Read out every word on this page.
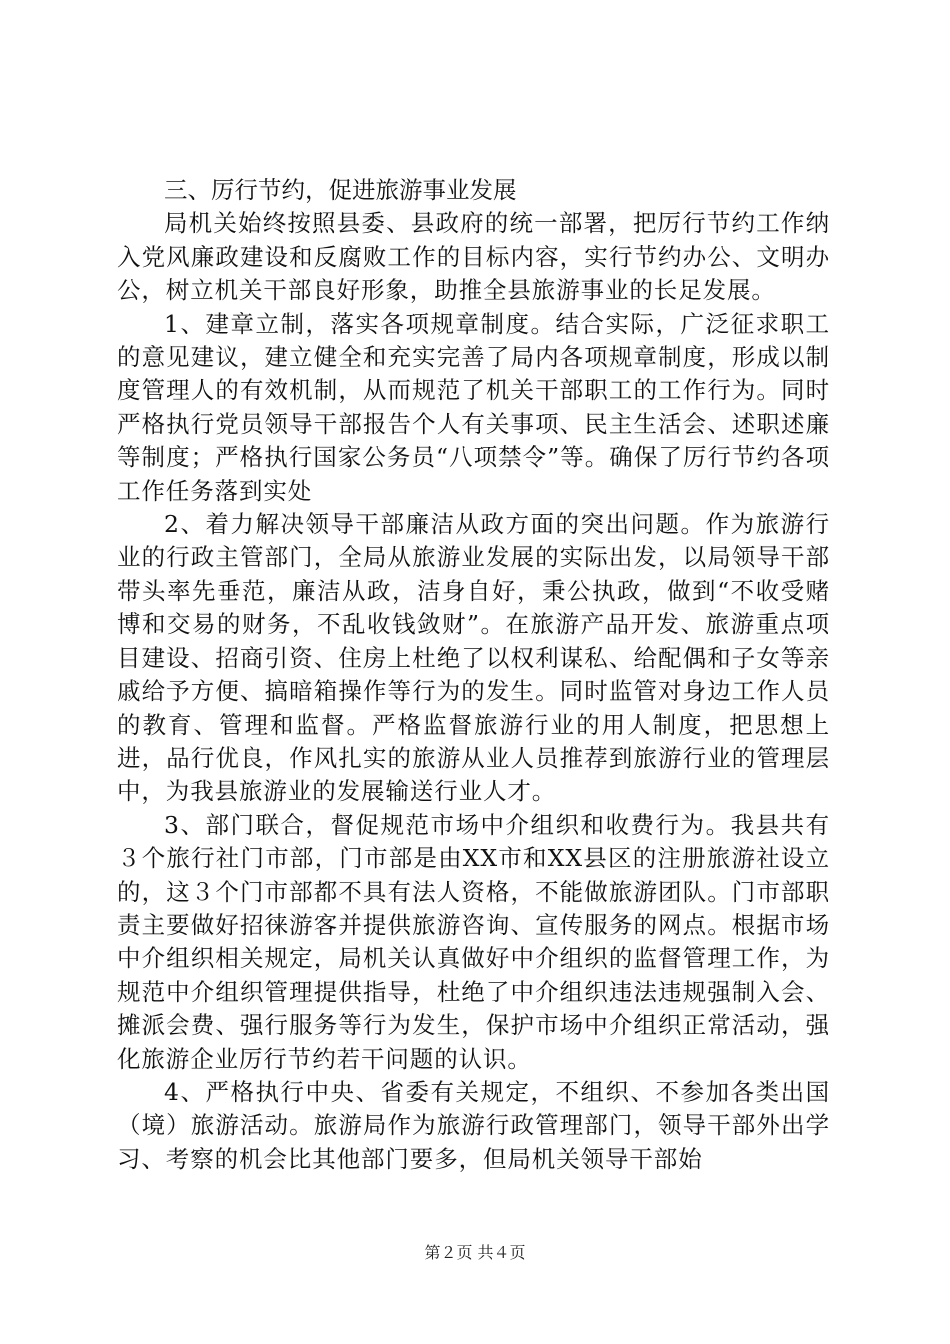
三、厉行节约，促进旅游事业发展

局机关始终按照县委、县政府的统一部署，把厉行节约工作纳入党风廉政建设和反腐败工作的目标内容，实行节约办公、文明办公，树立机关干部良好形象，助推全县旅游事业的长足发展。

1、建章立制，落实各项规章制度。结合实际，广泛征求职工的意见建议，建立健全和充实完善了局内各项规章制度，形成以制度管理人的有效机制，从而规范了机关干部职工的工作行为。同时严格执行党员领导干部报告个人有关事项、民主生活会、述职述廉等制度；严格执行国家公务员“八项禁令”等。确保了厉行节约各项工作任务落到实处

2、着力解决领导干部廉洁从政方面的突出问题。作为旅游行业的行政主管部门，全局从旅游业发展的实际出发，以局领导干部带头率先垂范，廉洁从政，洁身自好，秉公执政，做到“不收受赌博和交易的财务，不乱收钱敛财”。在旅游产品开发、旅游重点项目建设、招商引资、住房上杜绝了以权利谋私、给配偶和子女等亲戚给予方便、搞暗箱操作等行为的发生。同时监管对身边工作人员的教育、管理和监督。严格监督旅游行业的用人制度，把思想上进，品行优良，作风扎实的旅游从业人员推荐到旅游行业的管理层中，为我县旅游业的发展输送行业人才。

3、部门联合，督促规范市场中介组织和收费行为。我县共有３个旅行社门市部，门市部是由XX市和XX县区的注册旅游社设立的，这３个门市部都不具有法人资格，不能做旅游团队。门市部职责主要做好招徕游客并提供旅游咨询、宣传服务的网点。根据市场中介组织相关规定，局机关认真做好中介组织的监督管理工作，为规范中介组织管理提供指导，杜绝了中介组织违法违规强制入会、摊派会费、强行服务等行为发生，保护市场中介组织正常活动，强化旅游企业厉行节约若干问题的认识。

4、严格执行中央、省委有关规定，不组织、不参加各类出国（境）旅游活动。旅游局作为旅游行政管理部门，领导干部外出学习、考察的机会比其他部门要多，但局机关领导干部始

第２页 共４页
